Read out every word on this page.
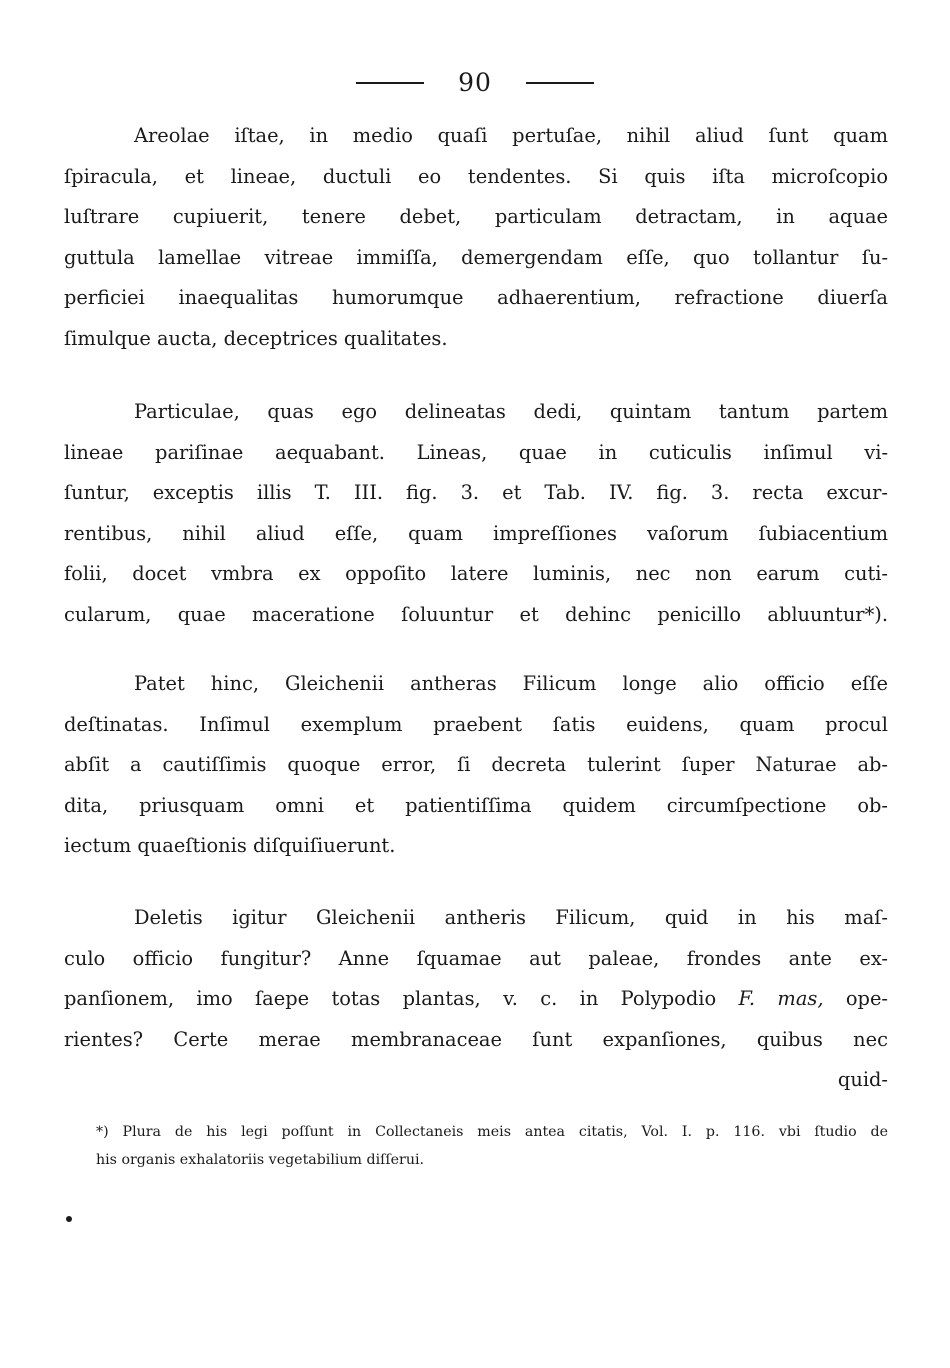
90
Areolae iſtae, in medio quaſi pertuſae, nihil aliud ſunt quam
ſpiracula, et lineae, ductuli eo tendentes. Si quis iſta microſcopio
luſtrare cupiuerit, tenere debet, particulam detractam, in aquae
guttula lamellae vitreae immiſſa, demergendam eſſe, quo tollantur ſu-
perficiei inaequalitas humorumque adhaerentium, refractione diuerſa
ſimulque aucta, deceptrices qualitates.
Particulae, quas ego delineatas dedi, quintam tantum partem
lineae pariſinae aequabant. Lineas, quae in cuticulis inſimul vi-
ſuntur, exceptis illis T. III. fig. 3. et Tab. IV. fig. 3. recta excur-
rentibus, nihil aliud eſſe, quam impreſſiones vaſorum ſubiacentium
folii, docet vmbra ex oppoſito latere luminis, nec non earum cuti-
cularum, quae maceratione ſoluuntur et dehinc penicillo abluuntur*).
Patet hinc, Gleichenii antheras Filicum longe alio officio eſſe
deſtinatas. Inſimul exemplum praebent ſatis euidens, quam procul
abſit a cautiſſimis quoque error, ſi decreta tulerint ſuper Naturae ab-
dita, priusquam omni et patientiſſima quidem circumſpectione ob-
iectum quaeſtionis diſquiſiuerunt.
Deletis igitur Gleichenii antheris Filicum, quid in his maſ-
culo officio fungitur? Anne ſquamae aut paleae, frondes ante ex-
panſionem, imo ſaepe totas plantas, v. c. in Polypodio F. mas, ope-
rientes? Certe merae membranaceae ſunt expanſiones, quibus nec
quid-
*) Plura de his legi poſſunt in Collectaneis meis antea citatis, Vol. I. p. 116. vbi ſtudio de
his organis exhalatoriis vegetabilium diſſerui.
